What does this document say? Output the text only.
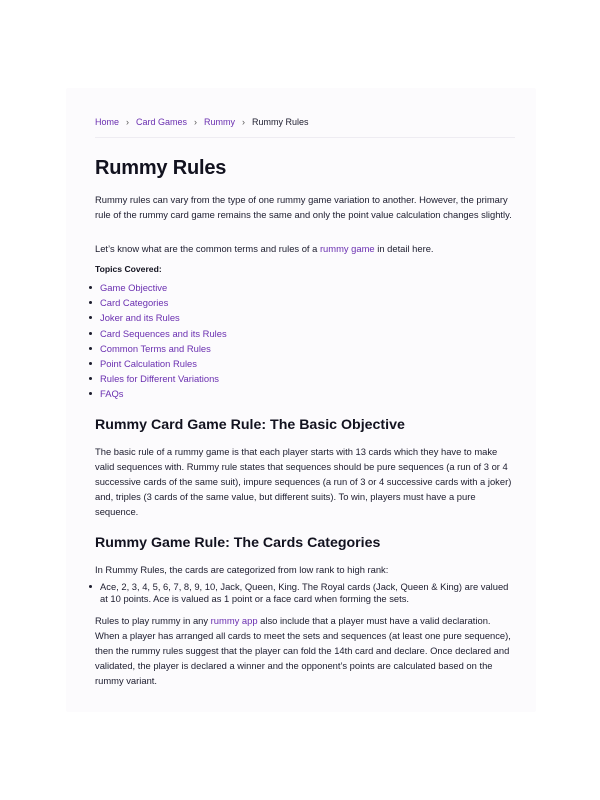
Home › Card Games › Rummy › Rummy Rules
Rummy Rules

Rummy rules can vary from the type of one rummy game variation to another. However, the primary rule of the rummy card game remains the same and only the point value calculation changes slightly.

Let’s know what are the common terms and rules of a rummy game in detail here.

Topics Covered:

Game Objective
Card Categories
Joker and its Rules
Card Sequences and its Rules
Common Terms and Rules
Point Calculation Rules
Rules for Different Variations
FAQs
Rummy Card Game Rule: The Basic Objective

The basic rule of a rummy game is that each player starts with 13 cards which they have to make valid sequences with. Rummy rule states that sequences should be pure sequences (a run of 3 or 4 successive cards of the same suit), impure sequences (a run of 3 or 4 successive cards with a joker) and, triples (3 cards of the same value, but different suits). To win, players must have a pure sequence.

Rummy Game Rule: The Cards Categories

In Rummy Rules, the cards are categorized from low rank to high rank:

Ace, 2, 3, 4, 5, 6, 7, 8, 9, 10, Jack, Queen, King. The Royal cards (Jack, Queen & King) are valued at 10 points. Ace is valued as 1 point or a face card when forming the sets.

Rules to play rummy in any rummy app also include that a player must have a valid declaration. When a player has arranged all cards to meet the sets and sequences (at least one pure sequence), then the rummy rules suggest that the player can fold the 14th card and declare. Once declared and validated, the player is declared a winner and the opponent’s points are calculated based on the rummy variant.
